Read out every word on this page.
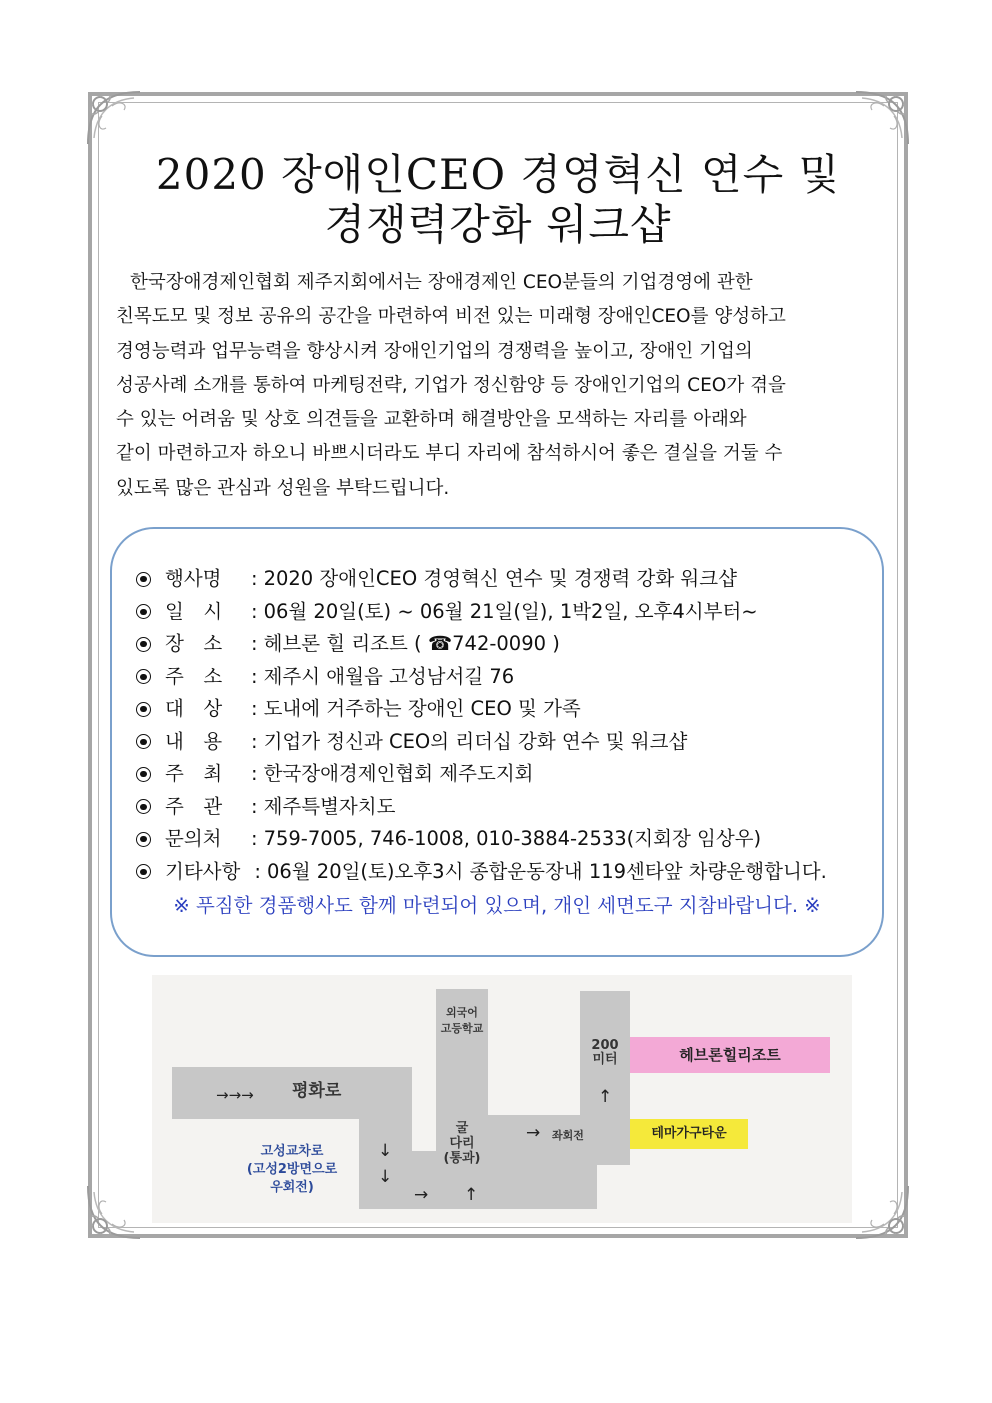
2020 장애인CEO 경영혁신 연수 및
경쟁력강화 워크샵

한국장애경제인협회 제주지회에서는 장애경제인 CEO분들의 기업경영에 관한

친목도모 및 정보 공유의 공간을 마련하여 비전 있는 미래형 장애인CEO를 양성하고

경영능력과 업무능력을 향상시켜 장애인기업의 경쟁력을 높이고, 장애인 기업의

성공사례 소개를 통하여 마케팅전략, 기업가 정신함양 등 장애인기업의 CEO가 겪을

수 있는 어려움 및 상호 의견들을 교환하며 해결방안을 모색하는 자리를 아래와

같이 마련하고자 하오니 바쁘시더라도 부디 자리에 참석하시어 좋은 결실을 거둘 수

있도록 많은 관심과 성원을 부탁드립니다.

행사명	: 2020 장애인CEO 경영혁신 연수 및 경쟁력 강화 워크샵
일　시	: 06월 20일(토) ~ 06월 21일(일), 1박2일, 오후4시부터~
장　소	: 헤브론 힐 리조트 ( ☎742-0090 )
주　소	: 제주시 애월읍 고성남서길 76
대　상	: 도내에 거주하는 장애인 CEO 및 가족
내　용	: 기업가 정신과 CEO의 리더십 강화 연수 및 워크샵
주　최	: 한국장애경제인협회 제주도지회
주　관	: 제주특별자치도
문의처	: 759-7005, 746-1008, 010-3884-2533(지회장 임상우)
기타사항 : 06월 20일(토)오후3시 종합운동장내 119센타앞 차량운행합니다.
※ 푸짐한 경품행사도 함께 마련되어 있으며, 개인 세면도구 지참바랍니다. ※
외국어
고등학교
→→→ 평화로
200
미터
↑
헤브론힐리조트
테마가구타운
굴
다리
(통과)
→ 좌회전
고성교차로
(고성2방면으로
우회전)
↓
↓
→ ↑
